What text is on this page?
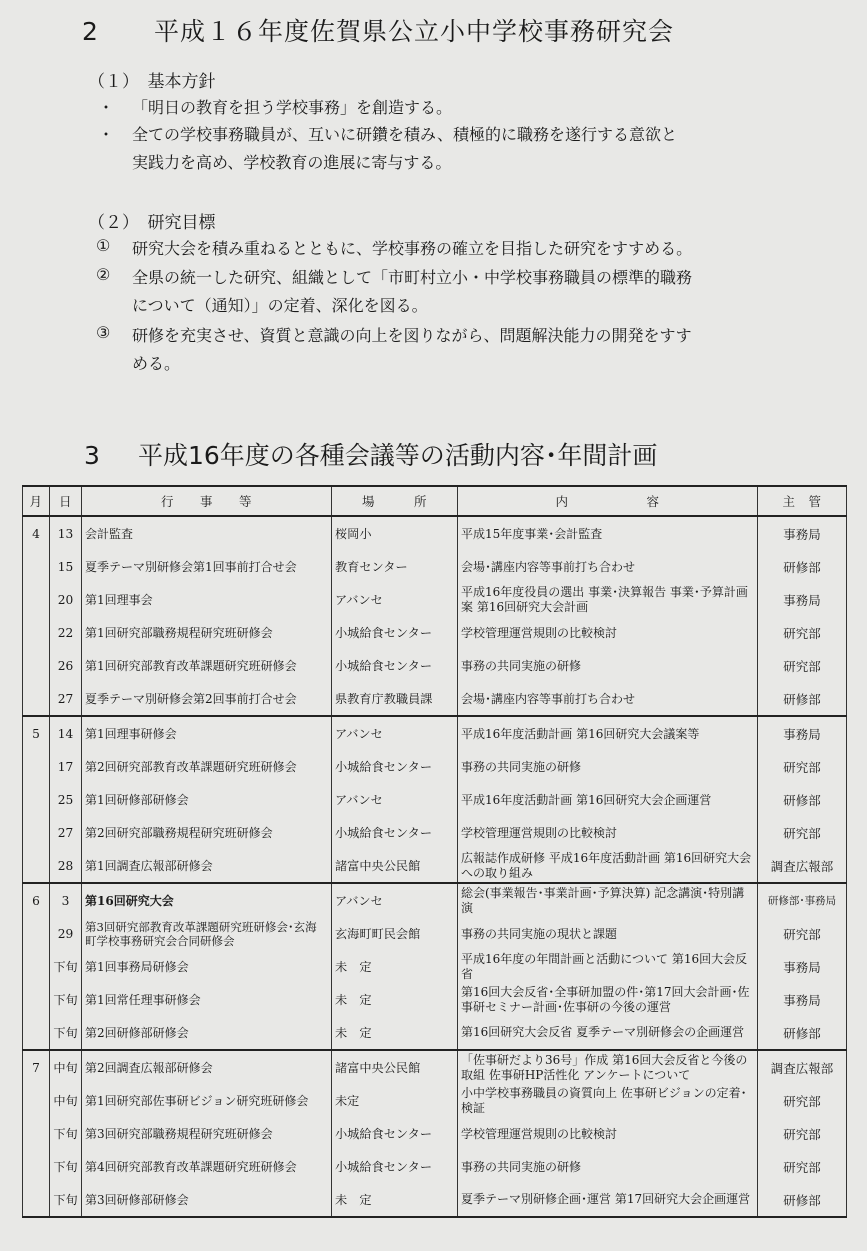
2 平成１６年度佐賀県公立小中学校事務研究会
（１）　基本方針
・ 「明日の教育を担う学校事務」を創造する。
・ 全ての学校事務職員が、互いに研鑽を積み、積極的に職務を遂行する意欲と
実践力を高め、学校教育の進展に寄与する。
（２）　研究目標
① 研究大会を積み重ねるとともに、学校事務の確立を目指した研究をすすめる。
② 全県の統一した研究、組織として「市町村立小・中学校事務職員の標準的職務
について（通知）」の定着、深化を図る。
③ 研修を充実させ、資質と意識の向上を図りながら、問題解決能力の開発をすす
める。
3 平成16年度の各種会議等の活動内容･年間計画
月	日	行　　事　　等	場　　　所	内　　　　　　容	主　管
4	13	会計監査	桜岡小	平成15年度事業･会計監査	事務局
	15	夏季テーマ別研修会第1回事前打合せ会	教育センター	会場･講座内容等事前打ち合わせ	研修部
	20	第1回理事会	アバンセ	平成16年度役員の選出 事業･決算報告 事業･予算計画案 第16回研究大会計画	事務局
	22	第1回研究部職務規程研究班研修会	小城給食センター	学校管理運営規則の比較検討	研究部
	26	第1回研究部教育改革課題研究班研修会	小城給食センター	事務の共同実施の研修	研究部
	27	夏季テーマ別研修会第2回事前打合せ会	県教育庁教職員課	会場･講座内容等事前打ち合わせ	研修部
5	14	第1回理事研修会	アバンセ	平成16年度活動計画 第16回研究大会議案等	事務局
	17	第2回研究部教育改革課題研究班研修会	小城給食センター	事務の共同実施の研修	研究部
	25	第1回研修部研修会	アバンセ	平成16年度活動計画 第16回研究大会企画運営	研修部
	27	第2回研究部職務規程研究班研修会	小城給食センター	学校管理運営規則の比較検討	研究部
	28	第1回調査広報部研修会	諸富中央公民館	広報誌作成研修 平成16年度活動計画 第16回研究大会への取り組み	調査広報部
6	3	第16回研究大会	アバンセ	総会(事業報告･事業計画･予算決算) 記念講演･特別講演	研修部･事務局
	29	第3回研究部教育改革課題研究班研修会･玄海町学校事務研究会合同研修会	玄海町町民会館	事務の共同実施の現状と課題	研究部
	下旬	第1回事務局研修会	未　定	平成16年度の年間計画と活動について 第16回大会反省	事務局
	下旬	第1回常任理事研修会	未　定	第16回大会反省･全事研加盟の件･第17回大会計画･佐事研セミナー計画･佐事研の今後の運営	事務局
	下旬	第2回研修部研修会	未　定	第16回研究大会反省 夏季テーマ別研修会の企画運営	研修部
7	中旬	第2回調査広報部研修会	諸富中央公民館	「佐事研だより36号」作成 第16回大会反省と今後の取組 佐事研HP活性化 アンケートについて	調査広報部
	中旬	第1回研究部佐事研ビジョン研究班研修会	未定	小中学校事務職員の資質向上 佐事研ビジョンの定着･検証	研究部
	下旬	第3回研究部職務規程研究班研修会	小城給食センター	学校管理運営規則の比較検討	研究部
	下旬	第4回研究部教育改革課題研究班研修会	小城給食センター	事務の共同実施の研修	研究部
	下旬	第3回研修部研修会	未　定	夏季テーマ別研修企画･運営 第17回研究大会企画運営	研修部
